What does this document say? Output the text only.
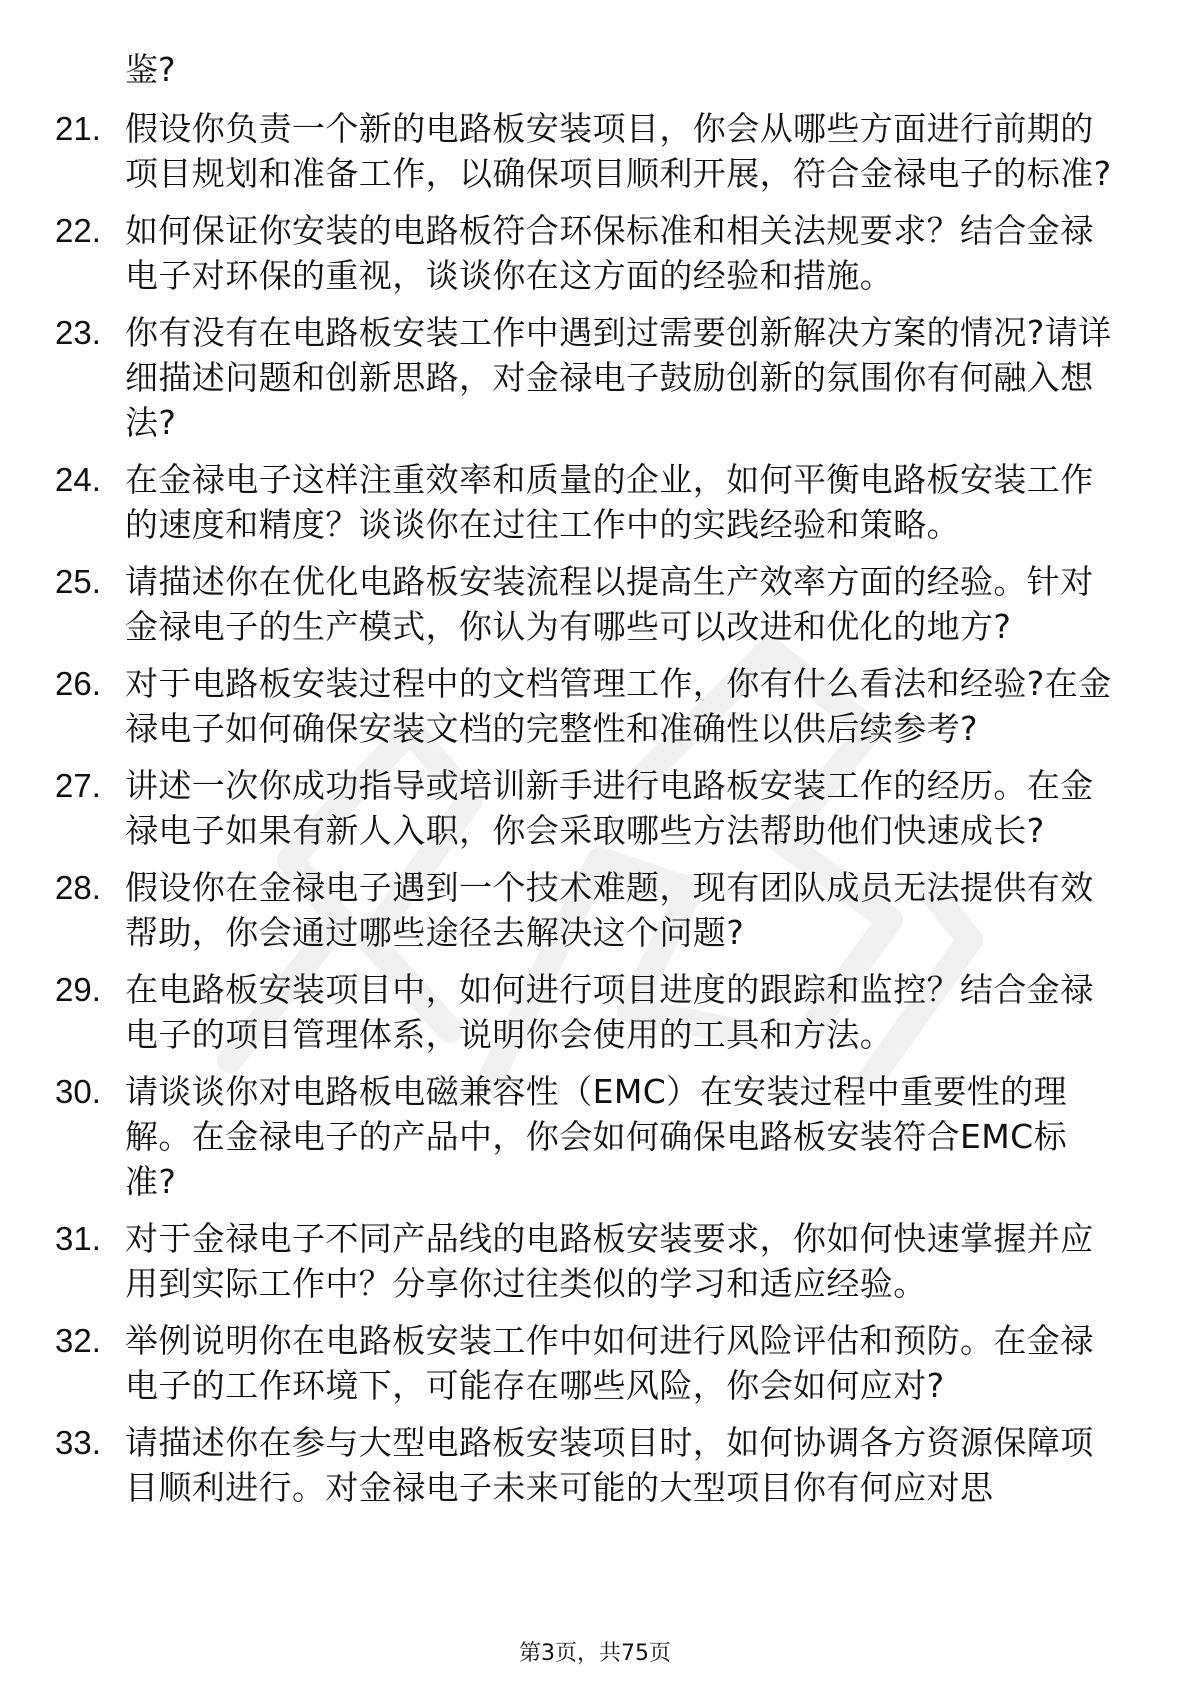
鉴?
21. 假设你负责一个新的电路板安装项目，你会从哪些方面进行前期的项目规划和准备工作，以确保项目顺利开展，符合金禄电子的标准?
22. 如何保证你安装的电路板符合环保标准和相关法规要求？结合金禄电子对环保的重视，谈谈你在这方面的经验和措施。
23. 你有没有在电路板安装工作中遇到过需要创新解决方案的情况?请详细描述问题和创新思路，对金禄电子鼓励创新的氛围你有何融入想法?
24. 在金禄电子这样注重效率和质量的企业，如何平衡电路板安装工作的速度和精度？谈谈你在过往工作中的实践经验和策略。
25. 请描述你在优化电路板安装流程以提高生产效率方面的经验。针对金禄电子的生产模式，你认为有哪些可以改进和优化的地方?
26. 对于电路板安装过程中的文档管理工作，你有什么看法和经验?在金禄电子如何确保安装文档的完整性和准确性以供后续参考?
27. 讲述一次你成功指导或培训新手进行电路板安装工作的经历。在金禄电子如果有新人入职，你会采取哪些方法帮助他们快速成长?
28. 假设你在金禄电子遇到一个技术难题，现有团队成员无法提供有效帮助，你会通过哪些途径去解决这个问题?
29. 在电路板安装项目中，如何进行项目进度的跟踪和监控？结合金禄电子的项目管理体系，说明你会使用的工具和方法。
30. 请谈谈你对电路板电磁兼容性（EMC）在安装过程中重要性的理解。在金禄电子的产品中，你会如何确保电路板安装符合EMC标准?
31. 对于金禄电子不同产品线的电路板安装要求，你如何快速掌握并应用到实际工作中？分享你过往类似的学习和适应经验。
32. 举例说明你在电路板安装工作中如何进行风险评估和预防。在金禄电子的工作环境下，可能存在哪些风险，你会如何应对?
33. 请描述你在参与大型电路板安装项目时，如何协调各方资源保障项目顺利进行。对金禄电子未来可能的大型项目你有何应对思
第3页，共75页
